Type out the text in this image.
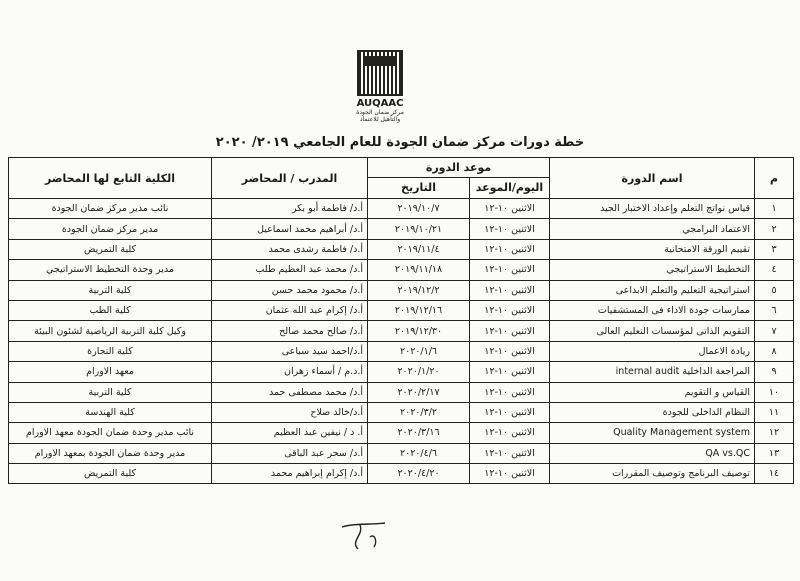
AUQAAC
مركز ضمان الجودة والتأهيل للاعتماد
خطة دورات مركز ضمان الجودة للعام الجامعي ٢٠١٩/ ٢٠٢٠
م	اسم الدورة	موعد الدورة		المدرب / المحاضر	الكلية التابع لها المحاضر
		اليوم/الموعد	التاريخ		
١	قياس نواتج التعلم وإعداد الاختبار الجيد	الاثنين ١٠-١٢	٢٠١٩/١٠/٧	أ.د/ فاطمة أبو بكر	نائب مدير مركز ضمان الجودة
٢	الاعتماد البرامجي	الاثنين ١٠-١٢	٢٠١٩/١٠/٢١	أ.د/ أبراهيم محمد اسماعيل	مدير مركز ضمان الجودة
٣	تقييم الورقة الامتحانية	الاثنين ١٠-١٢	٢٠١٩/١١/٤	أ.د/ فاطمة رشدى محمد	كلية التمريض
٤	التخطيط الاستراتيجي	الاثنين ١٠-١٢	٢٠١٩/١١/١٨	أ.د/ محمد عبد العظيم طلب	مدير وحدة التخطيط الاستراتيجي
٥	استراتيجية التعليم والتعلم الابداعى	الاثنين ١٠-١٢	٢٠١٩/١٢/٢	أ.د/ محمود محمد حسن	كلية التربية
٦	ممارسات جودة الاداء فى المستشفيات	الاثنين ١٠-١٢	٢٠١٩/١٢/١٦	أ.د/ إكرام عبد الله عثمان	كلية الطب
٧	التقويم الذاتى لمؤسسات التعليم العالى	الاثنين ١٠-١٢	٢٠١٩/١٢/٣٠	أ.د/ صالح محمد صالح	وكيل كلية التربية الرياضية لشئون البيئة
٨	ريادة الاعمال	الاثنين ١٠-١٢	٢٠٢٠/١/٦	أ.د/احمد سيد سباعى	كلية التجارة
٩	المراجعة الداخلية internal audit	الاثنين ١٠-١٢	٢٠٢٠/١/٢٠	أ.د.م / أسماء زهران	معهد الاورام
١٠	القياس و التقويم	الاثنين ١٠-١٢	٢٠٢٠/٢/١٧	أ.د/ محمد مصطفى حمد	كلية التربية
١١	النظام الداخلى للجودة	الاثنين ١٠-١٢	٢٠٢٠/٣/٢	أ.د/خالد صلاح	كلية الهندسة
١٢	Quality Management system	الاثنين ١٠-١٢	٢٠٢٠/٣/١٦	أ. د / نيفين عبد العظيم	نائب مدير وحدة ضمان الجودة معهد الاورام
١٣	QA vs.QC	الاثنين ١٠-١٢	٢٠٢٠/٤/٦	أ.د/ سحر عبد الباقى	مدير وحدة ضمان الجودة بمعهد الاورام
١٤	توصيف البرنامج وتوصيف المقررات	الاثنين ١٠-١٢	٢٠٢٠/٤/٢٠	أ.د/ إكرام إبراهيم محمد	كلية التمريض
